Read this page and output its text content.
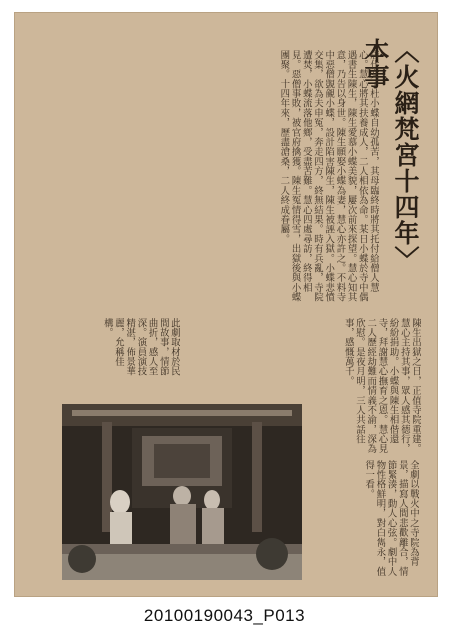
〈火網梵宮十四年〉本事
唐代女子杜小蝶自幼孤苦，其母臨終時將其托付給僧人慧心。慧心將其扶養成人，二人相依為命。某日小蝶於寺中偶遇書生陳生，陳生愛慕小蝶美貌，屢次前來探望。慧心知其意，乃告以身世。陳生願娶小蝶為妻，慧心亦許之。不料寺中惡僧覬覦小蝶，設計陷害陳生，陳生被誣入獄。小蝶悲憤交集，欲為夫申冤，奔走四方，終無結果。時有兵亂，寺院遭焚，小蝶流落他鄉，受盡苦難。慧心四處尋訪，終得相見。惡僧事敗，被官府擒獲。陳生冤情得雪，出獄後與小蝶團聚。十四年來，歷盡滄桑，二人終成眷屬。
陳生出獄之日，正值寺院重建。慧心主持其事，眾人感其德行，紛紛捐助。小蝶與陳生相偕還寺，拜謝慧心撫育之恩。慧心見二人歷經劫難而情義不渝，深為欣慰。是夜月明，三人共話往事，感慨萬千。
此劇取材於民間故事，情節曲折，感人至深。演員演技精湛，佈景華麗，允稱佳構。
全劇以戰火中之寺院為背景，描寫人間悲歡離合，情節緊湊，動人心弦。劇中人物性格鮮明，對白雋永，值得一看。
20100190043_P013
